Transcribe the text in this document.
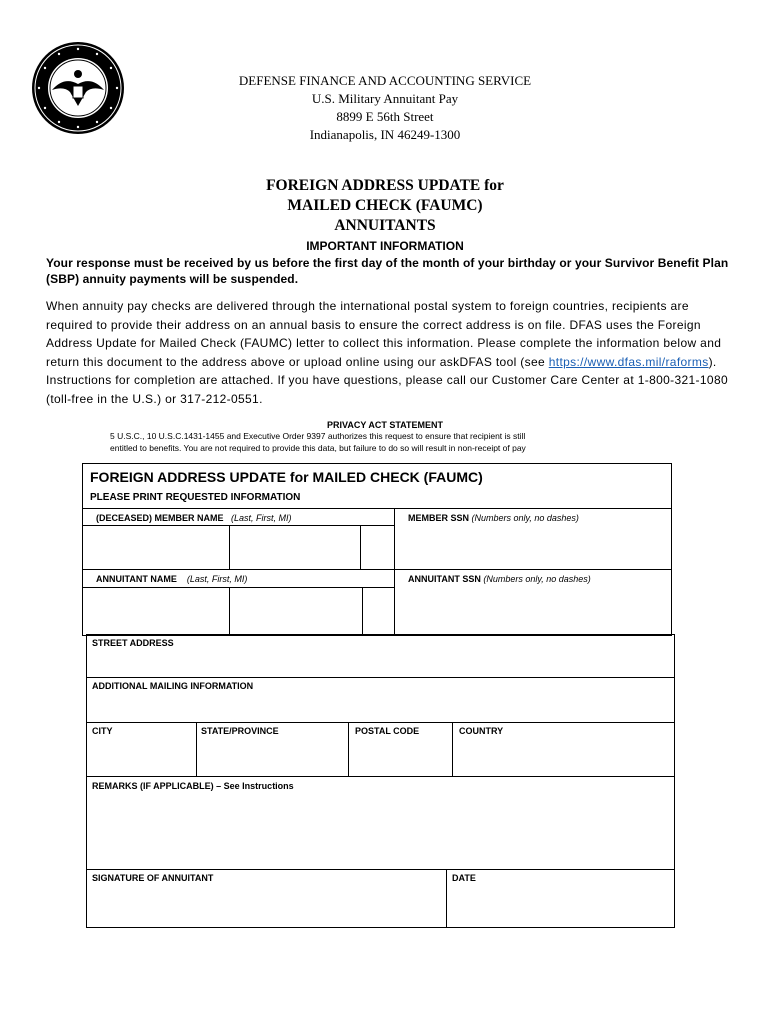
DEFENSE FINANCE AND ACCOUNTING SERVICE
U.S. Military Annuitant Pay
8899 E 56th Street
Indianapolis, IN 46249-1300
FOREIGN ADDRESS UPDATE for
MAILED CHECK (FAUMC)
ANNUITANTS
IMPORTANT INFORMATION
Your response must be received by us before the first day of the month of your birthday or your Survivor Benefit Plan (SBP) annuity payments will be suspended.
When annuity pay checks are delivered through the international postal system to foreign countries, recipients are required to provide their address on an annual basis to ensure the correct address is on file. DFAS uses the Foreign Address Update for Mailed Check (FAUMC) letter to collect this information. Please complete the information below and return this document to the address above or upload online using our askDFAS tool (see https://www.dfas.mil/raforms). Instructions for completion are attached. If you have questions, please call our Customer Care Center at 1-800-321-1080 (toll-free in the U.S.) or 317-212-0551.
PRIVACY ACT STATEMENT
5 U.S.C., 10 U.S.C.1431-1455 and Executive Order 9397 authorizes this request to ensure that recipient is still
entitled to benefits. You are not required to provide this data, but failure to do so will result in non-receipt of pay
FOREIGN ADDRESS UPDATE for MAILED CHECK (FAUMC)
PLEASE PRINT REQUESTED INFORMATION
(DECEASED) MEMBER NAME (Last, First, MI)	MEMBER SSN (Numbers only, no dashes)
ANNUITANT NAME (Last, First, MI)	ANNUITANT SSN (Numbers only, no dashes)
STREET ADDRESS
ADDITIONAL MAILING INFORMATION
CITY	STATE/PROVINCE	POSTAL CODE	COUNTRY
REMARKS (IF APPLICABLE) – See Instructions
SIGNATURE OF ANNUITANT	DATE
